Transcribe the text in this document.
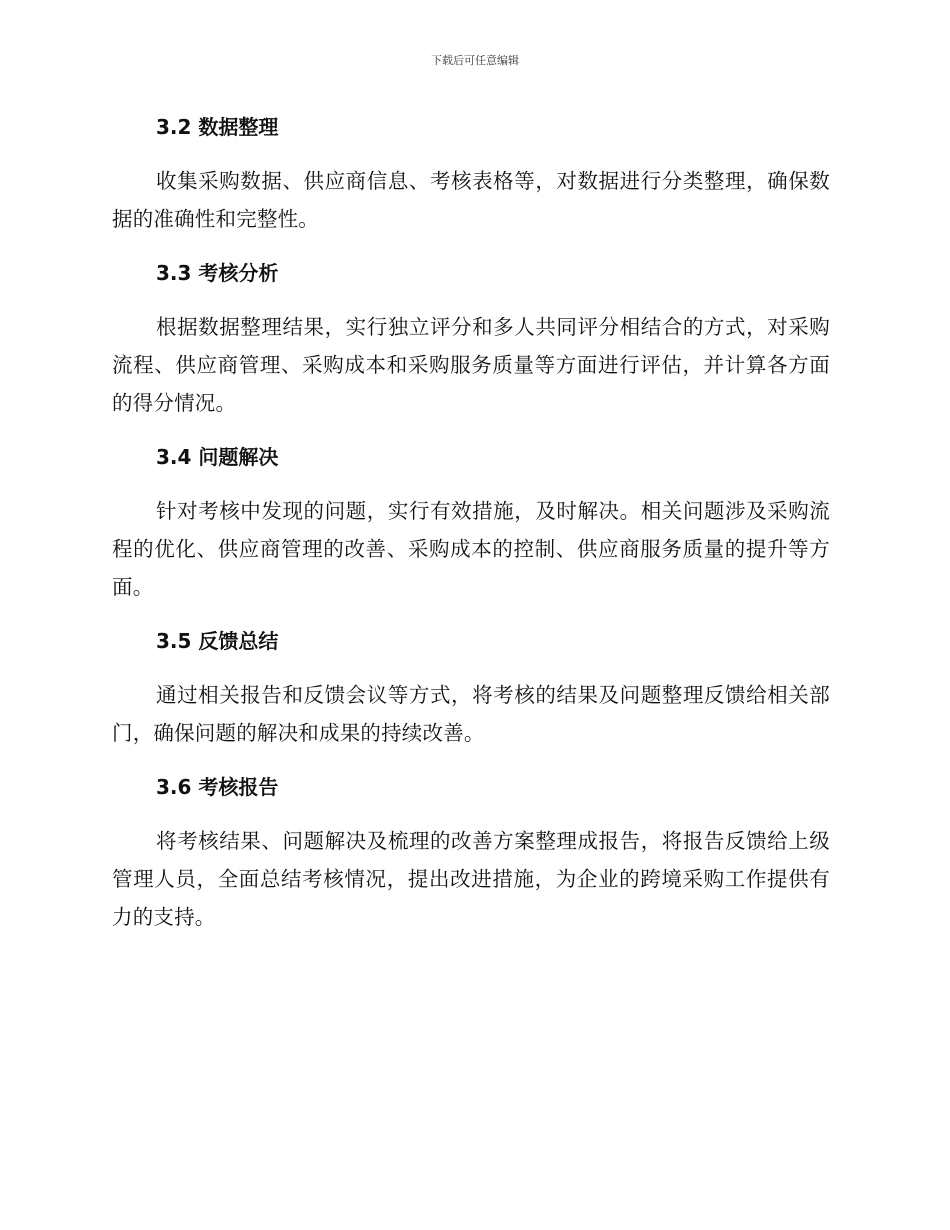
下载后可任意编辑
3.2 数据整理

收集采购数据、供应商信息、考核表格等，对数据进行分类整理，确保数据的准确性和完整性。

3.3 考核分析

根据数据整理结果，实行独立评分和多人共同评分相结合的方式，对采购流程、供应商管理、采购成本和采购服务质量等方面进行评估，并计算各方面的得分情况。

3.4 问题解决

针对考核中发现的问题，实行有效措施，及时解决。相关问题涉及采购流程的优化、供应商管理的改善、采购成本的控制、供应商服务质量的提升等方面。

3.5 反馈总结

通过相关报告和反馈会议等方式，将考核的结果及问题整理反馈给相关部门，确保问题的解决和成果的持续改善。

3.6 考核报告

将考核结果、问题解决及梳理的改善方案整理成报告，将报告反馈给上级管理人员，全面总结考核情况，提出改进措施，为企业的跨境采购工作提供有力的支持。
